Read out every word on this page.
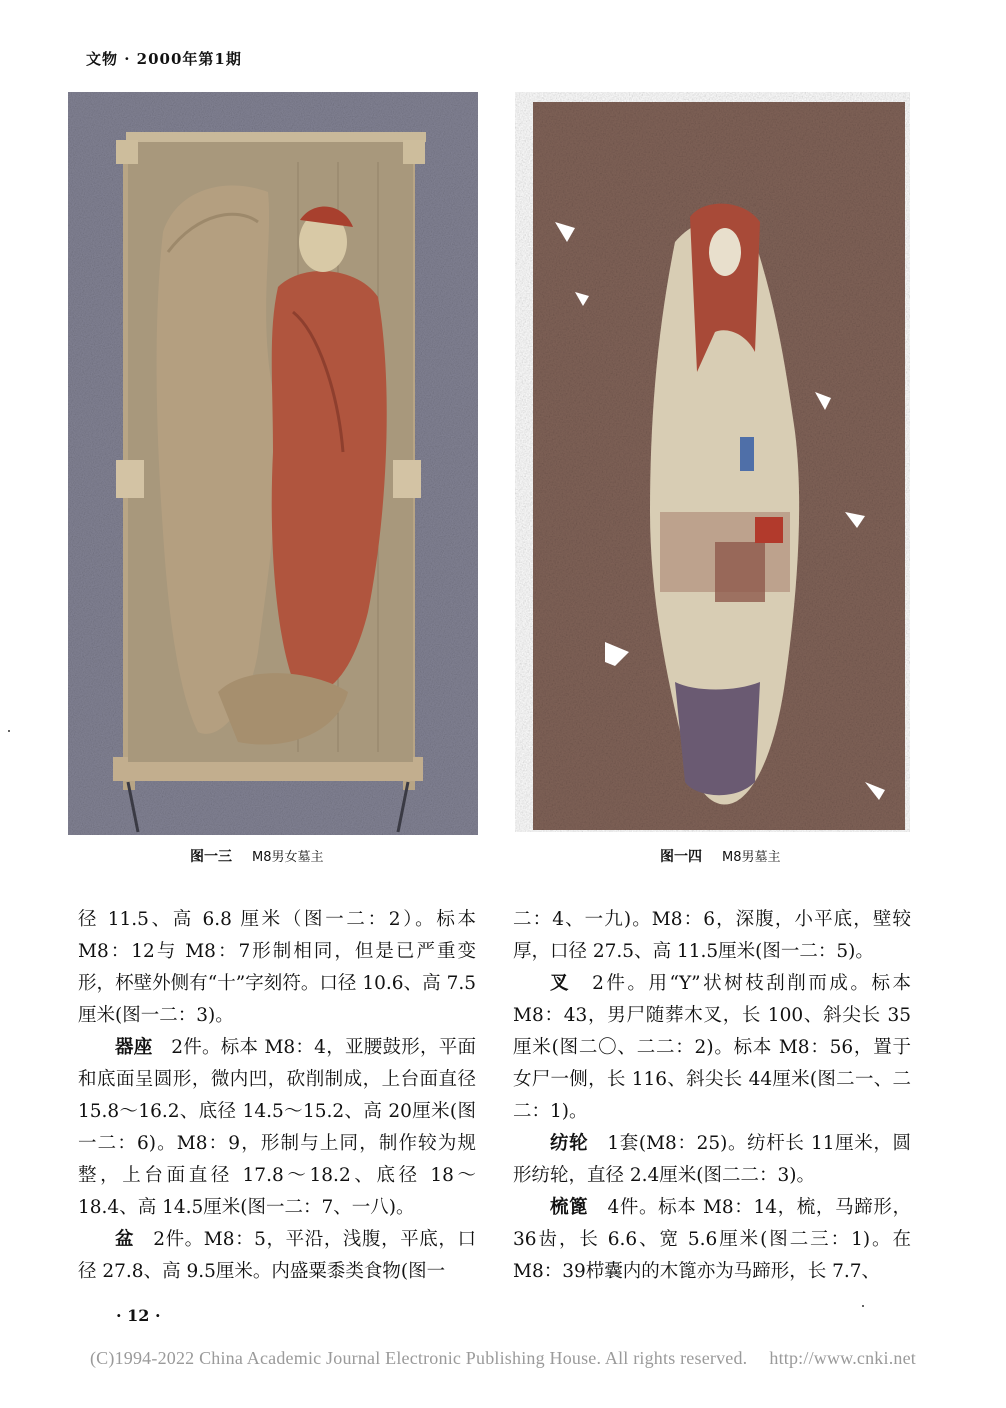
文物 · 2000年第1期
图一三 M8男女墓主	图一四 M8男墓主

径 11.5、高 6.8 厘米（图一二：2）。标本 M8：12与 M8：7形制相同，但是已严重变形，杯壁外侧有“十”字刻符。口径 10.6、高 7.5厘米(图一二：3)。

器座　2件。标本 M8：4，亚腰鼓形，平面和底面呈圆形，微内凹，砍削制成，上台面直径 15.8～16.2、底径 14.5～15.2、高 20厘米(图一二：6)。M8：9，形制与上同，制作较为规整，上台面直径 17.8～18.2、底径 18～18.4、高 14.5厘米(图一二：7、一八)。

盆　2件。M8：5，平沿，浅腹，平底，口径 27.8、高 9.5厘米。内盛粟黍类食物(图一

二：4、一九)。M8：6，深腹，小平底，壁较厚，口径 27.5、高 11.5厘米(图一二：5)。

叉　2件。用“Y”状树枝刮削而成。标本 M8：43，男尸随葬木叉，长 100、斜尖长 35厘米(图二〇、二二：2)。标本 M8：56，置于女尸一侧，长 116、斜尖长 44厘米(图二一、二二：1)。

纺轮　1套(M8：25)。纺杆长 11厘米，圆形纺轮，直径 2.4厘米(图二二：3)。

梳篦　4件。标本 M8：14，梳，马蹄形，36齿，长 6.6、宽 5.6厘米(图二三：1)。在 M8：39栉囊内的木篦亦为马蹄形，长 7.7、

· 12 ·
(C)1994-2022 China Academic Journal Electronic Publishing House. All rights reserved. http://www.cnki.net
